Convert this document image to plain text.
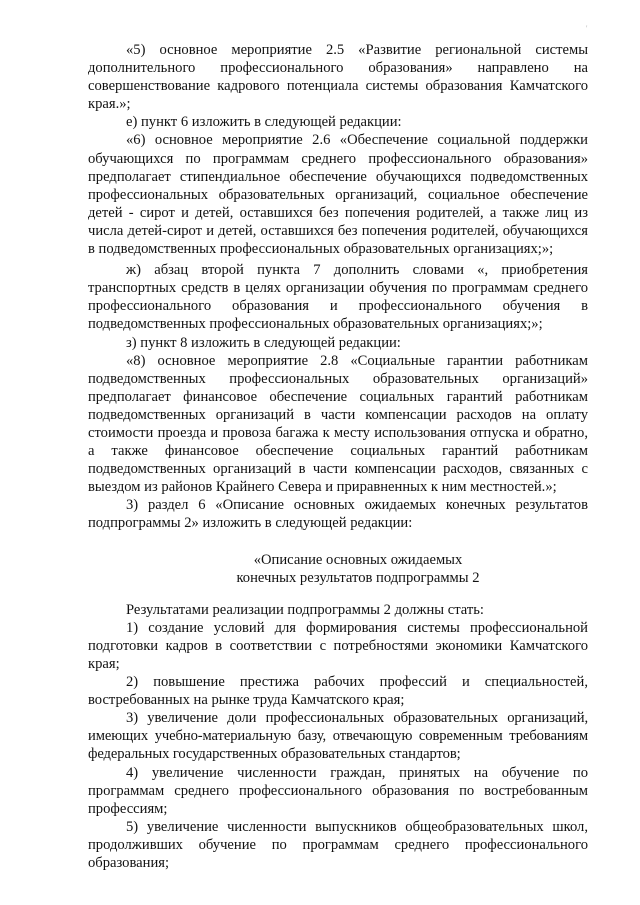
'

«5) основное мероприятие 2.5 «Развитие региональной системы дополнительного профессионального образования» направлено на совершенствование кадрового потенциала системы образования Камчатского края.»;

е) пункт 6 изложить в следующей редакции:

«6) основное мероприятие 2.6 «Обеспечение социальной поддержки обучающихся по программам среднего профессионального образования» предполагает стипендиальное обеспечение обучающихся подведомственных профессиональных образовательных организаций, социальное обеспечение детей - сирот и детей, оставшихся без попечения родителей, а также лиц из числа детей-сирот и детей, оставшихся без попечения родителей, обучающихся в подведомственных профессиональных образовательных организациях;»;

ж) абзац второй пункта 7 дополнить словами «, приобретения транспортных средств в целях организации обучения по программам среднего профессионального образования и профессионального обучения в подведомственных профессиональных образовательных организациях;»;

з) пункт 8 изложить в следующей редакции:

«8) основное мероприятие 2.8 «Социальные гарантии работникам подведомственных профессиональных образовательных организаций» предполагает финансовое обеспечение социальных гарантий работникам подведомственных организаций в части компенсации расходов на оплату стоимости проезда и провоза багажа к месту использования отпуска и обратно, а также финансовое обеспечение социальных гарантий работникам подведомственных организаций в части компенсации расходов, связанных с выездом из районов Крайнего Севера и приравненных к ним местностей.»;

3) раздел 6 «Описание основных ожидаемых конечных результатов подпрограммы 2» изложить в следующей редакции:

«Описание основных ожидаемых
конечных результатов подпрограммы 2

Результатами реализации подпрограммы 2 должны стать:

1) создание условий для формирования системы профессиональной подготовки кадров в соответствии с потребностями экономики Камчатского края;

2) повышение престижа рабочих профессий и специальностей, востребованных на рынке труда Камчатского края;

3) увеличение доли профессиональных образовательных организаций, имеющих учебно-материальную базу, отвечающую современным требованиям федеральных государственных образовательных стандартов;

4) увеличение численности граждан, принятых на обучение по программам среднего профессионального образования по востребованным профессиям;

5) увеличение численности выпускников общеобразовательных школ, продолживших обучение по программам среднего профессионального образования;
